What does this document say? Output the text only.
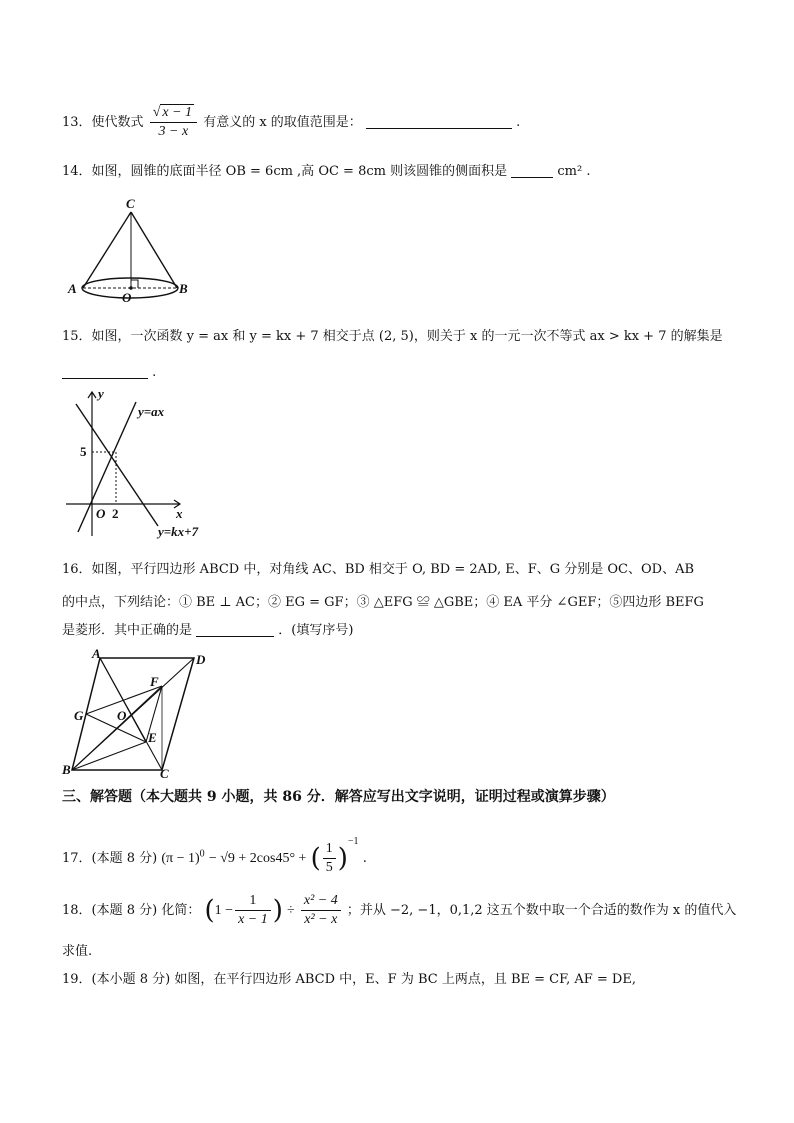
13．使代数式 $\frac{√ x - 1}{3 - x}$ 有意义的 x 的取值范围是：	.
14．如图，圆锥的底面半径 OB = 6cm ,高 OC = 8cm 则该圆锥的侧面积是	cm² .
C
A
O
B
15．如图，一次函数 y = ax 和 y = kx + 7 相交于点 (2, 5)，则关于 x 的一元一次不等式 ax > kx + 7 的解集是
.
y
x
y=ax
y=kx+7
5
2
O
16．如图，平行四边形 ABCD 中，对角线 AC、BD 相交于 O, BD = 2AD, E、F、G 分别是 OC、OD、AB
的中点，下列结论：① BE ⊥ AC；② EG = GF；③ △EFG ≌ △GBE；④ EA 平分 ∠GEF；⑤四边形 BEFG
是菱形．其中正确的是	．(填写序号)
A	D
F
G	O
E
B	C
三、解答题（本大题共 9 小题，共 86 分．解答应写出文字说明，证明过程或演算步骤）
17．(本题 8 分) $(\pi - 1)^0 - √9 + 2\cos 45^\circ$ + ( $\frac{1}{5} )^{-1}$ .
18．(本题 8 分) 化简： ($1 - \frac{1}{x - 1}$ ) ÷ $\frac{\text{x² − 4}}{\text{x² − x}}$ ；并从 −2, −1，0,1,2 这五个数中取一个合适的数作为 x 的值代入
求值.
19．(本小题 8 分) 如图，在平行四边形 ABCD 中，E、F 为 BC 上两点，且 BE = CF, AF = DE,
